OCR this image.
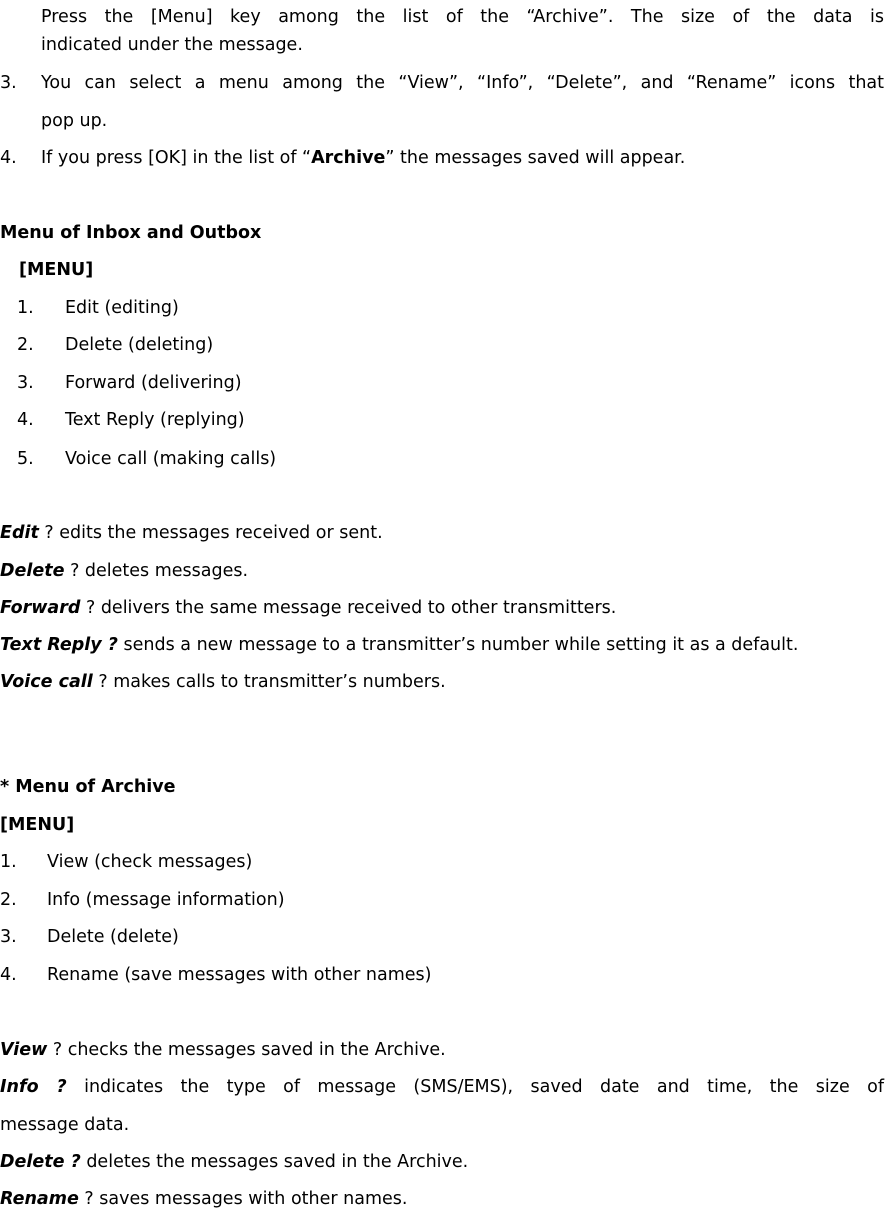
Press the [Menu] key among the list of the “Archive”. The size of the data is
indicated under the message.
3. You can select a menu among the “View”, “Info”, “Delete”, and “Rename” icons that
pop up.
4. If you press [OK] in the list of “Archive” the messages saved will appear.
Menu of Inbox and Outbox
[MENU]
1. Edit (editing)
2. Delete (deleting)
3. Forward (delivering)
4. Text Reply (replying)
5. Voice call (making calls)
Edit ? edits the messages received or sent.
Delete ? deletes messages.
Forward ? delivers the same message received to other transmitters.
Text Reply ? sends a new message to a transmitter’s number while setting it as a default.
Voice call ? makes calls to transmitter’s numbers.
* Menu of Archive
[MENU]
1. View (check messages)
2. Info (message information)
3. Delete (delete)
4. Rename (save messages with other names)
View ? checks the messages saved in the Archive.
Info ? indicates the type of message (SMS/EMS), saved date and time, the size of
message data.
Delete ? deletes the messages saved in the Archive.
Rename ? saves messages with other names.
